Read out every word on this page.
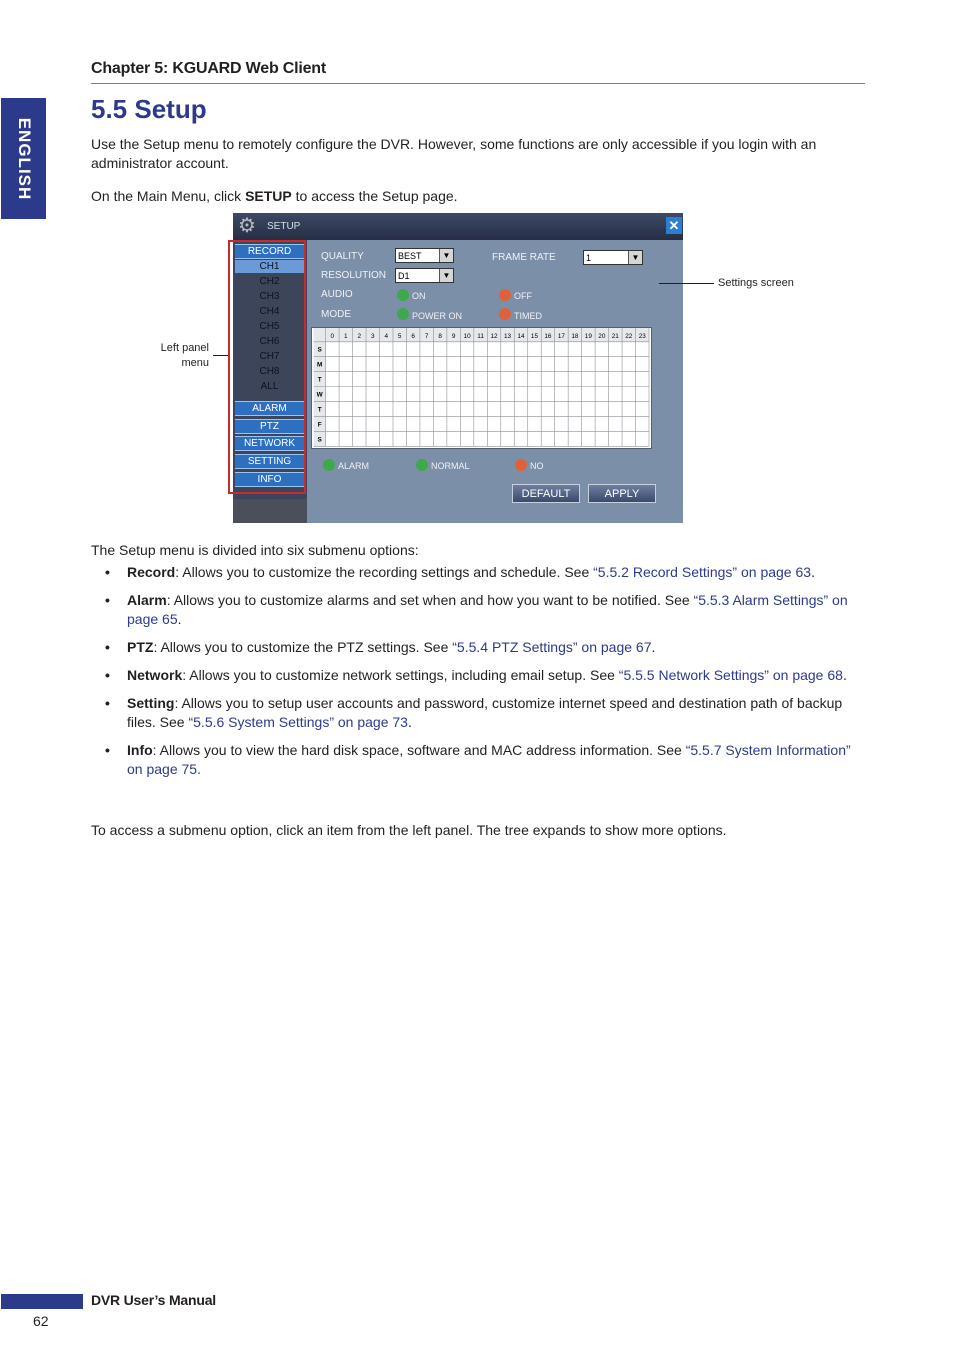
Chapter 5: KGUARD Web Client
ENGLISH
5.5 Setup
Use the Setup menu to remotely configure the DVR. However, some functions are only accessible if you login with an administrator account.
On the Main Menu, click SETUP to access the Setup page.
⚙ SETUP	✕
RECORD
CH1
CH2
CH3
CH4
CH5
CH6
CH7
CH8
ALL
ALARM
PTZ
NETWORK
SETTING
INFO
QUALITY	BEST	▼
RESOLUTION	D1	▼
FRAME RATE	1	▼
AUDIO	ON	OFF
MODE	POWER ON	TIMED
0 1 2 3 4 5 6 7 8 9 10 11 12 13 14 15 16 17 18 19 20 21 22 23
S
M
T
W
T
F
S
ALARM	NORMAL	NO
DEFAULT	APPLY
Left panel
menu
Settings screen
The Setup menu is divided into six submenu options:
• Record: Allows you to customize the recording settings and schedule. See “5.5.2 Record Settings” on page 63.
• Alarm: Allows you to customize alarms and set when and how you want to be notified. See “5.5.3 Alarm Settings” on page 65.
• PTZ: Allows you to customize the PTZ settings. See “5.5.4 PTZ Settings” on page 67.
• Network: Allows you to customize network settings, including email setup. See “5.5.5 Network Settings” on page 68.
• Setting: Allows you to setup user accounts and password, customize internet speed and destination path of backup files. See “5.5.6 System Settings” on page 73.
• Info: Allows you to view the hard disk space, software and MAC address information. See “5.5.7 System Information” on page 75.
To access a submenu option, click an item from the left panel. The tree expands to show more options.
DVR User’s Manual
62
